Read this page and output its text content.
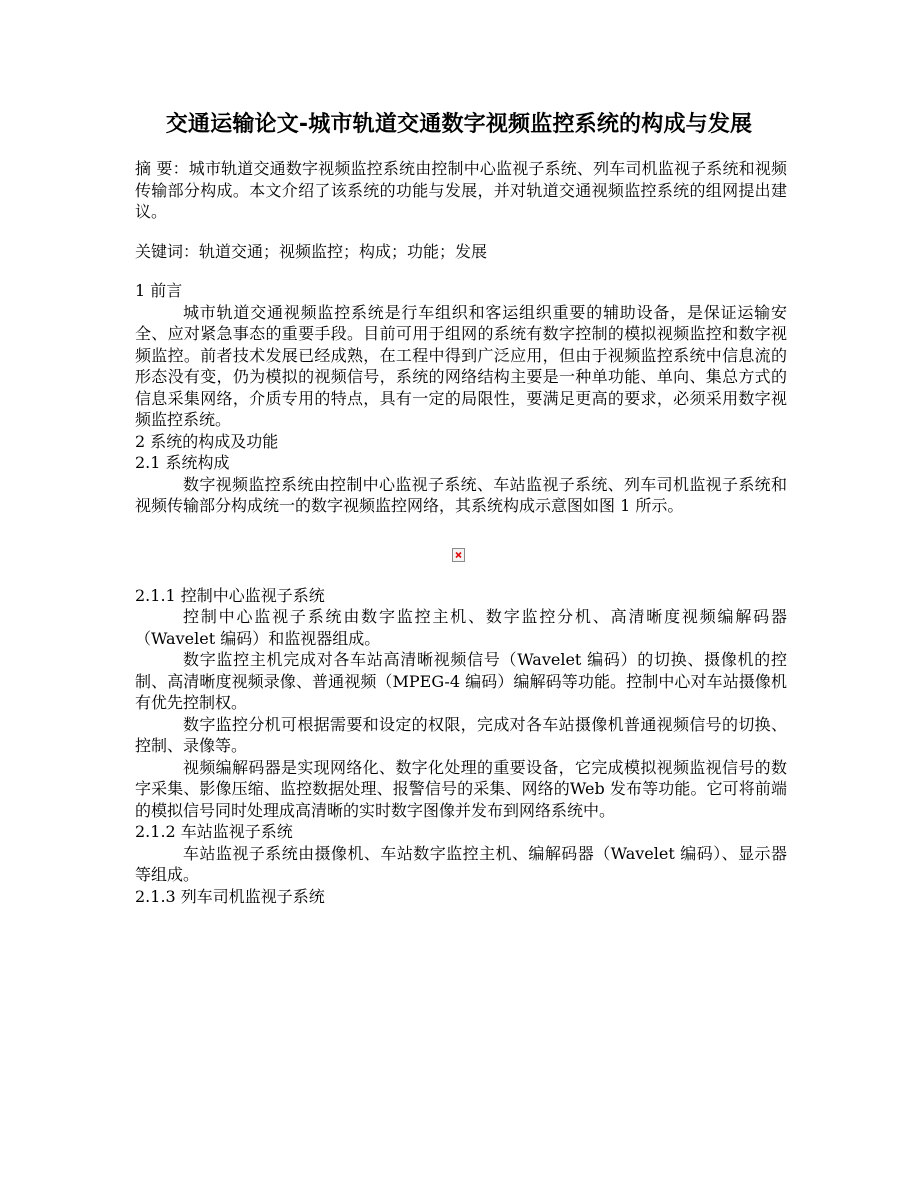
交通运输论文-城市轨道交通数字视频监控系统的构成与发展

摘 要：城市轨道交通数字视频监控系统由控制中心监视子系统、列车司机监视子系统和视频传输部分构成。本文介绍了该系统的功能与发展，并对轨道交通视频监控系统的组网提出建议。

关键词：轨道交通；视频监控；构成；功能；发展

1 前言

城市轨道交通视频监控系统是行车组织和客运组织重要的辅助设备，是保证运输安全、应对紧急事态的重要手段。目前可用于组网的系统有数字控制的模拟视频监控和数字视频监控。前者技术发展已经成熟，在工程中得到广泛应用，但由于视频监控系统中信息流的形态没有变，仍为模拟的视频信号，系统的网络结构主要是一种单功能、单向、集总方式的信息采集网络，介质专用的特点，具有一定的局限性，要满足更高的要求，必须采用数字视频监控系统。

2 系统的构成及功能

2.1 系统构成

数字视频监控系统由控制中心监视子系统、车站监视子系统、列车司机监视子系统和视频传输部分构成统一的数字视频监控网络，其系统构成示意图如图 1 所示。

2.1.1 控制中心监视子系统

控制中心监视子系统由数字监控主机、数字监控分机、高清晰度视频编解码器（Wavelet 编码）和监视器组成。

数字监控主机完成对各车站高清晰视频信号（Wavelet 编码）的切换、摄像机的控制、高清晰度视频录像、普通视频（MPEG-4 编码）编解码等功能。控制中心对车站摄像机有优先控制权。

数字监控分机可根据需要和设定的权限，完成对各车站摄像机普通视频信号的切换、控制、录像等。

视频编解码器是实现网络化、数字化处理的重要设备，它完成模拟视频监视信号的数字采集、影像压缩、监控数据处理、报警信号的采集、网络的Web 发布等功能。它可将前端的模拟信号同时处理成高清晰的实时数字图像并发布到网络系统中。

2.1.2 车站监视子系统

车站监视子系统由摄像机、车站数字监控主机、编解码器（Wavelet 编码）、显示器等组成。

2.1.3 列车司机监视子系统
